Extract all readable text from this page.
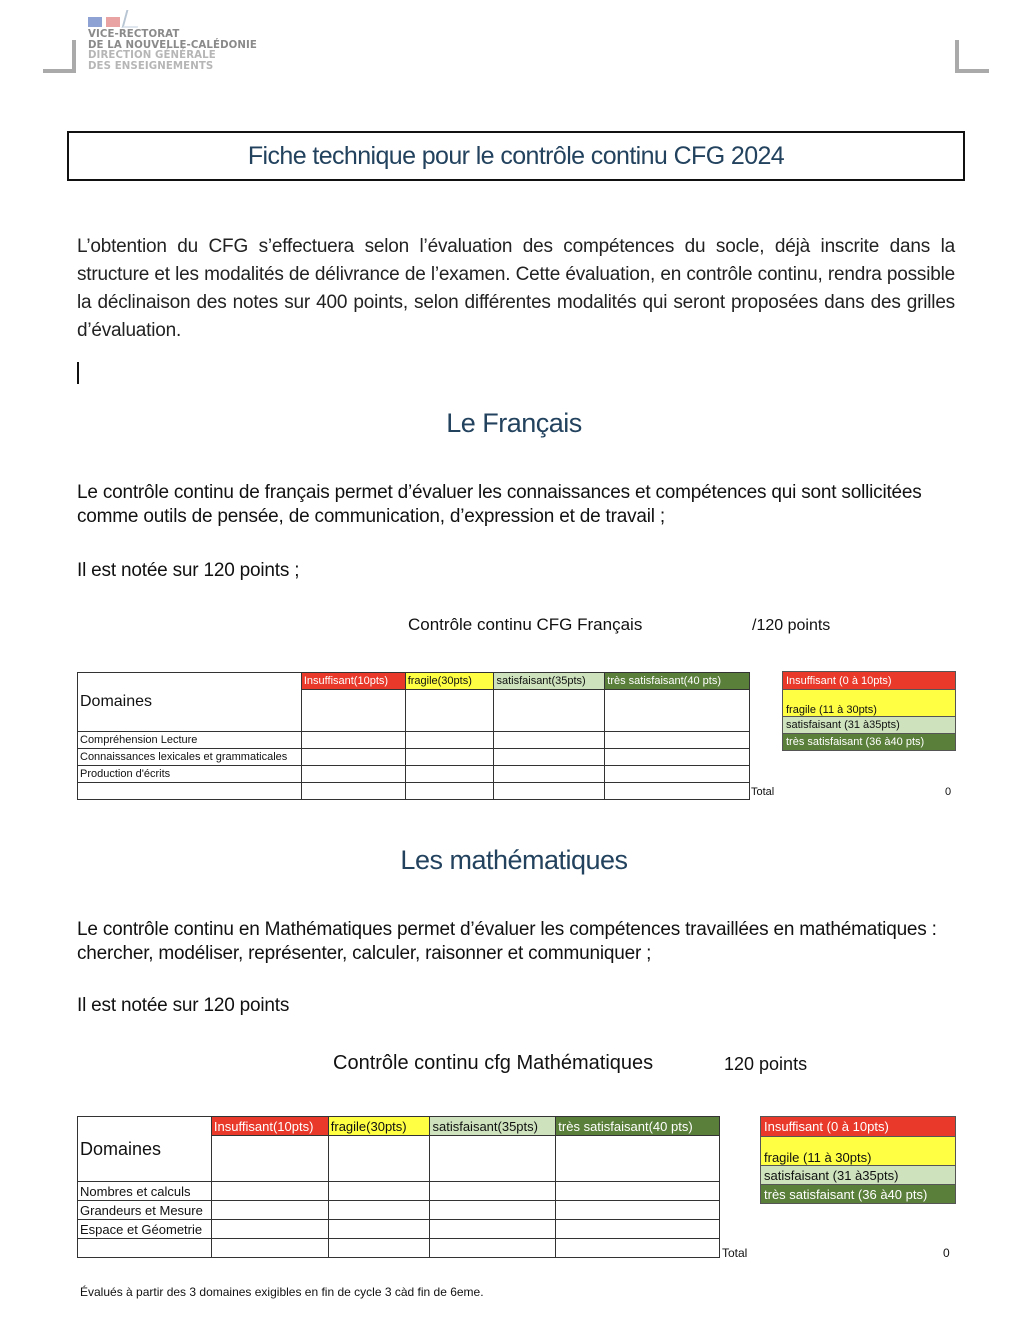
VICE-RECTORAT
DE LA NOUVELLE-CALÉDONIE
DIRECTION GÉNÉRALE
DES ENSEIGNEMENTS
Fiche technique pour le contrôle continu CFG 2024
L’obtention du CFG s’effectuera selon l’évaluation des compétences du socle, déjà inscrite dans la structure et les modalités de délivrance de l’examen. Cette évaluation, en contrôle continu, rendra possible la déclinaison des notes sur 400 points, selon différentes modalités qui seront proposées dans des grilles d’évaluation.
Le Français
Le contrôle continu de français permet d’évaluer les connaissances et compétences qui sont sollicitées comme outils de pensée, de communication, d’expression et de travail ;
Il est notée sur 120 points ;
Contrôle continu CFG Français	/120 points
Domaines	Insuffisant(10pts)	fragile(30pts)	satisfaisant(35pts)	très satisfaisant(40 pts)

Compréhension Lecture				
Connaissances lexicales et grammaticales				
Production d'écrits				

Insuffisant (0 à 10pts)
fragile (11 à 30pts)
satisfaisant (31 à35pts)
très satisfaisant (36 à40 pts)
Total	0
Les mathématiques
Le contrôle continu en Mathématiques permet d’évaluer les compétences travaillées en mathématiques : chercher, modéliser, représenter, calculer, raisonner et communiquer ;
Il est notée sur 120 points
Contrôle continu cfg Mathématiques	120 points
Domaines	Insuffisant(10pts)	fragile(30pts)	satisfaisant(35pts)	très satisfaisant(40 pts)

Nombres et calculs				
Grandeurs et Mesure				
Espace et Géometrie				

Insuffisant (0 à 10pts)
fragile (11 à 30pts)
satisfaisant (31 à35pts)
très satisfaisant (36 à40 pts)
Total	0
Évalués à partir des 3 domaines exigibles en fin de cycle 3 càd fin de 6eme.
